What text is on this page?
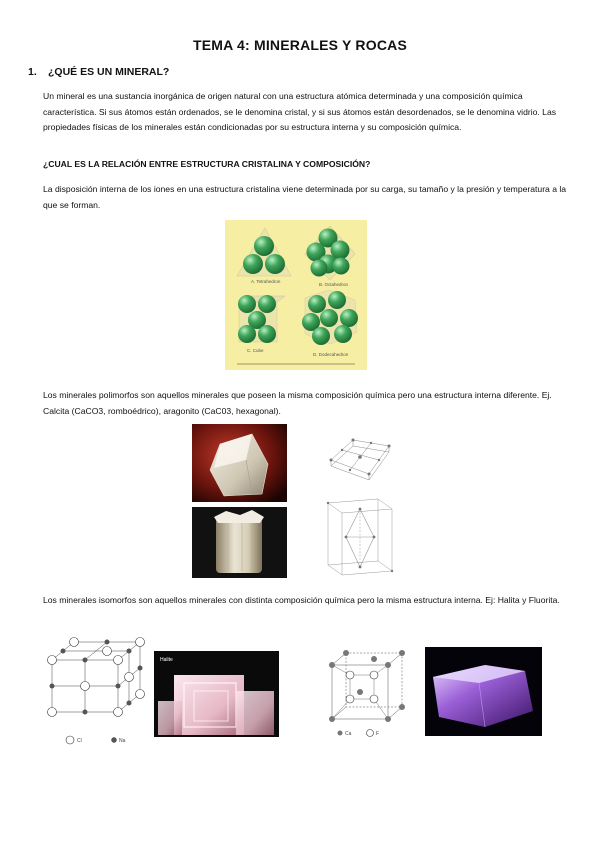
TEMA 4: MINERALES Y ROCAS
1. ¿QUÉ ES UN MINERAL?
Un mineral es una sustancia inorgánica de origen natural con una estructura atómica determinada y una composición química característica. Si sus átomos están ordenados, se le denomina cristal, y si sus átomos están desordenados, se le denomina vidrio. Las propiedades físicas de los minerales están condicionadas por su estructura interna y su composición química.
¿CUAL ES LA RELACIÓN ENTRE ESTRUCTURA CRISTALINA Y COMPOSICIÓN?
La disposición interna de los iones en una estructura cristalina viene determinada por su carga, su tamaño y la presión y temperatura a la que se forman.
A. Tetrahedron
B. Octahedron
C. Cube
D. Dodecahedron
Los minerales polimorfos son aquellos minerales que poseen la misma composición química pero una estructura interna diferente. Ej. Calcita (CaCO3, romboédrico), aragonito (CaC03, hexagonal).
Los minerales isomorfos son aquellos minerales con distinta composición química pero la misma estructura interna. Ej: Halita y Fluorita.
Cl	Na
Halite
Ca	F
